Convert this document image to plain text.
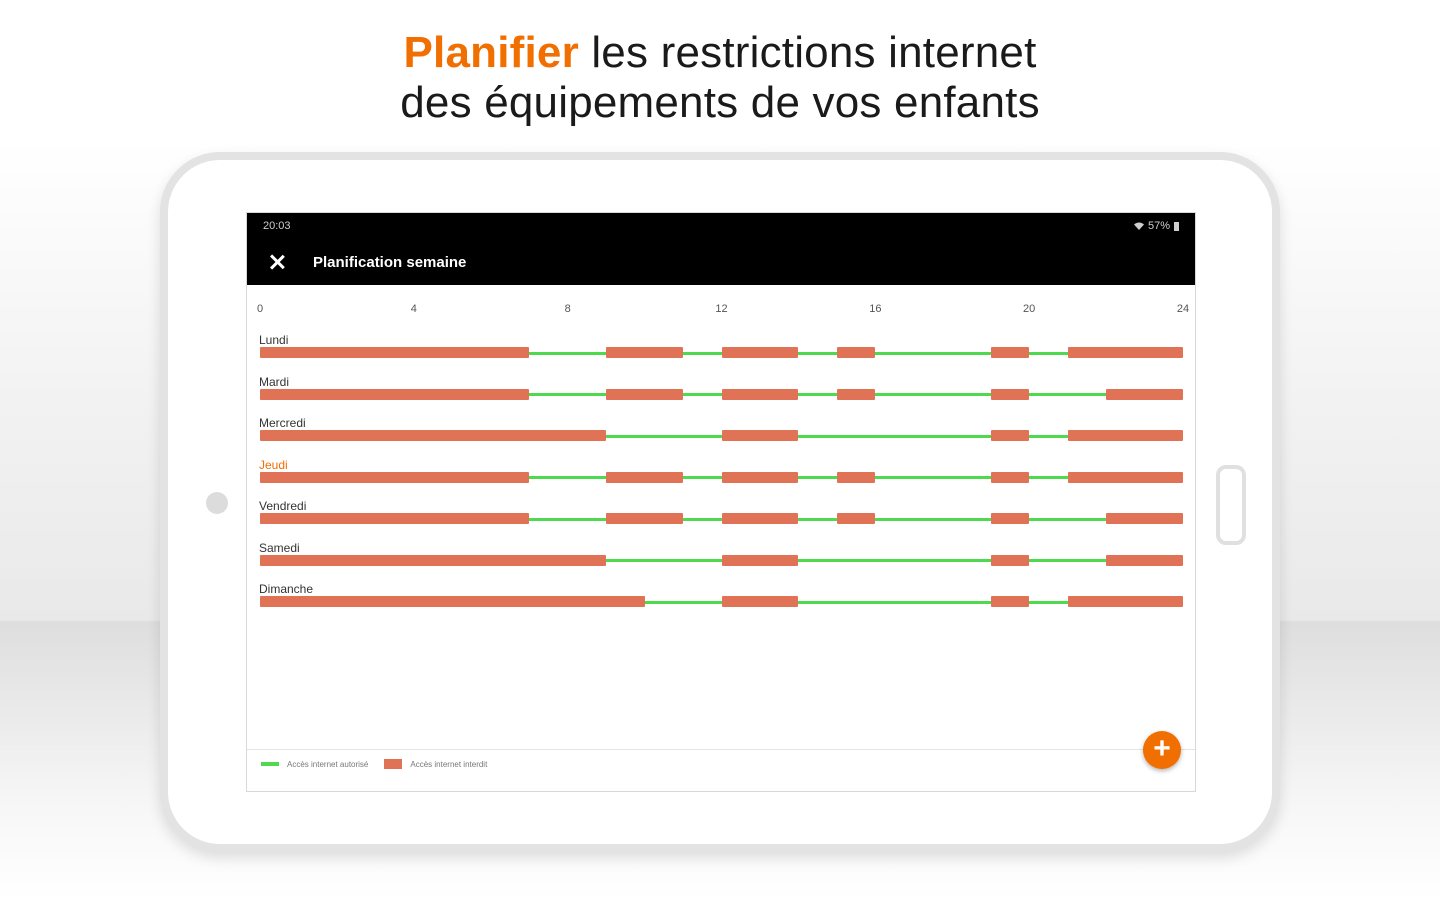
Planifier les restrictions internet
des équipements de vos enfants
20:03	57%
Planification semaine
0	4	8	12	16	20	24
Lundi
Mardi
Mercredi
Jeudi
Vendredi
Samedi
Dimanche
Accès internet autorisé	Accès internet interdit	+
